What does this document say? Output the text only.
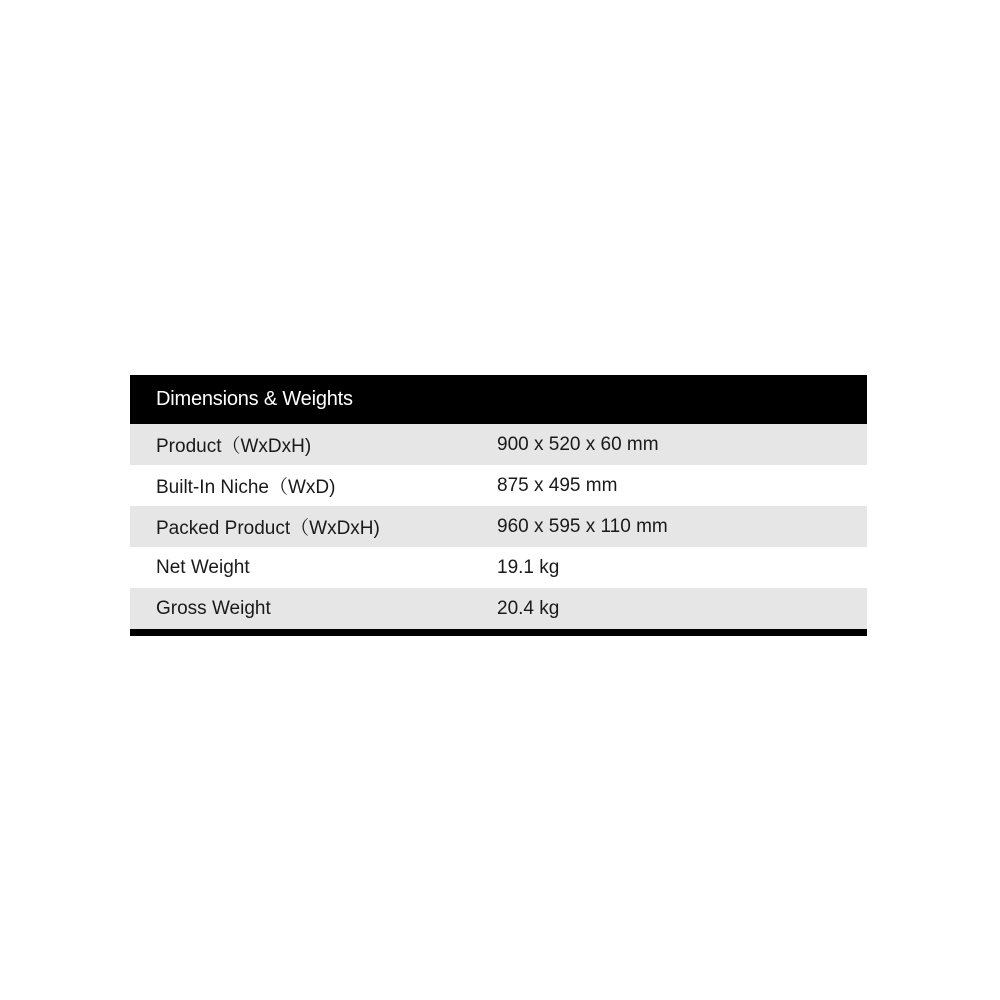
Dimensions & Weights
Product（WxDxH)	900 x 520 x 60 mm
Built-In Niche（WxD)	875 x 495 mm
Packed Product（WxDxH)	960 x 595 x 110 mm
Net Weight	19.1 kg
Gross Weight	20.4 kg
